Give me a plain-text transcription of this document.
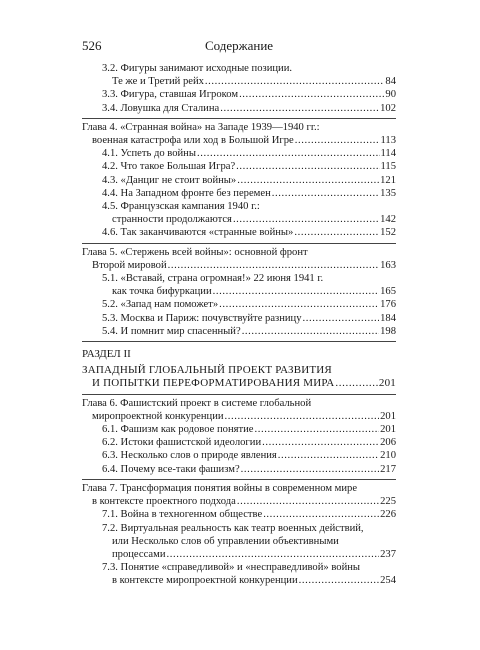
526	Содержание
3.2. Фигуры занимают исходные позиции.
Те же и Третий рейх .....	84
3.3. Фигура, ставшая Игроком .....	90
3.4. Ловушка для Сталина .....	102
Глава 4. «Странная война» на Западе 1939—1940 гг.:
военная катастрофа или ход в Большой Игре .....	113
4.1. Успеть до войны .....	114
4.2. Что такое Большая Игра? .....	115
4.3. «Данциг не стоит войны» .....	121
4.4. На Западном фронте без перемен .....	135
4.5. Французская кампания 1940 г.:
странности продолжаются .....	142
4.6. Так заканчиваются «странные войны» .....	152
Глава 5. «Стержень всей войны»: основной фронт
Второй мировой .....	163
5.1. «Вставай, страна огромная!» 22 июня 1941 г.
как точка бифуркации .....	165
5.2. «Запад нам поможет» .....	176
5.3. Москва и Париж: почувствуйте разницу .....	184
5.4. И помнит мир спасенный? .....	198
РАЗДЕЛ II
ЗАПАДНЫЙ ГЛОБАЛЬНЫЙ ПРОЕКТ РАЗВИТИЯ
И ПОПЫТКИ ПЕРЕФОРМАТИРОВАНИЯ МИРА .....	201
Глава 6. Фашистский проект в системе глобальной
миропроектной конкуренции .....	201
6.1. Фашизм как родовое понятие .....	201
6.2. Истоки фашистской идеологии .....	206
6.3. Несколько слов о природе явления .....	210
6.4. Почему все-таки фашизм? .....	217
Глава 7. Трансформация понятия войны в современном мире
в контексте проектного подхода .....	225
7.1. Война в техногенном обществе .....	226
7.2. Виртуальная реальность как театр военных действий,
или Несколько слов об управлении объективными
процессами .....	237
7.3. Понятие «справедливой» и «несправедливой» войны
в контексте миропроектной конкуренции .....	254
